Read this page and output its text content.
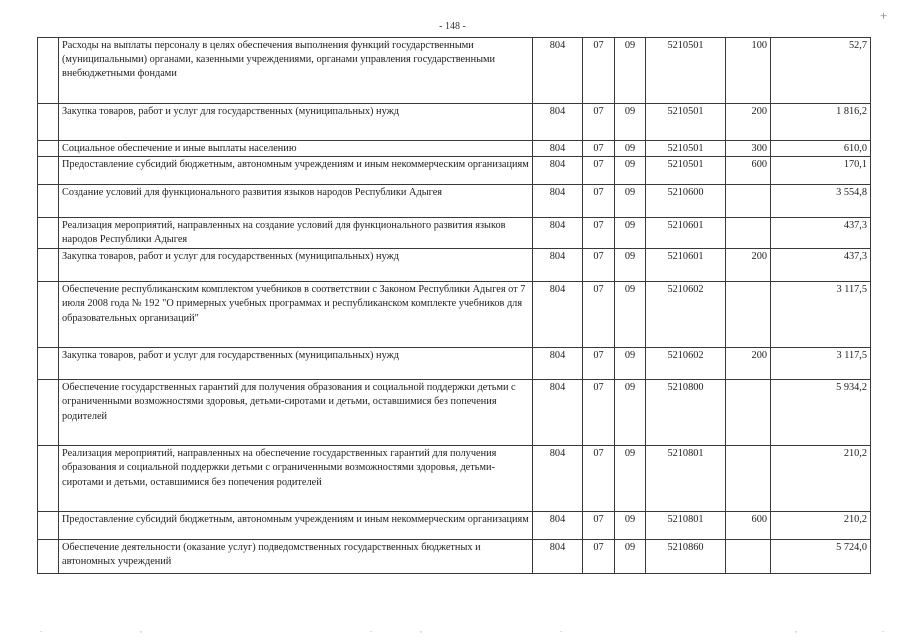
- 148 -
+
	Расходы на выплаты персоналу в целях обеспечения выполнения функций государственными (муниципальными) органами, казенными учреждениями, органами управления государственными внебюджетными фондами	804	07	09	5210501	100	52,7
	Закупка товаров, работ и услуг для государственных (муниципальных) нужд	804	07	09	5210501	200	1 816,2
	Социальное обеспечение и иные выплаты населению	804	07	09	5210501	300	610,0
	Предоставление субсидий бюджетным, автономным учреждениям и иным некоммерческим организациям	804	07	09	5210501	600	170,1
	Создание условий для функционального развития языков народов Республики Адыгея	804	07	09	5210600		3 554,8
	Реализация мероприятий, направленных на создание условий для функционального развития языков народов Республики Адыгея	804	07	09	5210601		437,3
	Закупка товаров, работ и услуг для государственных (муниципальных) нужд	804	07	09	5210601	200	437,3
	Обеспечение республиканским комплектом учебников в соответствии с Законом Республики Адыгея от 7 июля 2008 года № 192 "О примерных учебных программах и республиканском комплекте учебников для образовательных организаций"	804	07	09	5210602		3 117,5
	Закупка товаров, работ и услуг для государственных (муниципальных) нужд	804	07	09	5210602	200	3 117,5
	Обеспечение государственных гарантий для получения образования и социальной поддержки детьми с ограниченными возможностями здоровья, детьми-сиротами и детьми, оставшимися без попечения родителей	804	07	09	5210800		5 934,2
	Реализация мероприятий, направленных на обеспечение государственных гарантий для получения образования и социальной поддержки детьми с ограниченными возможностями здоровья, детьми-сиротами и детьми, оставшимися без попечения родителей	804	07	09	5210801		210,2
	Предоставление субсидий бюджетным, автономным учреждениям и иным некоммерческим организациям	804	07	09	5210801	600	210,2
	Обеспечение деятельности (оказание услуг) подведомственных государственных бюджетных и автономных учреждений	804	07	09	5210860		5 724,0
.	,	.	,	.	,	.
